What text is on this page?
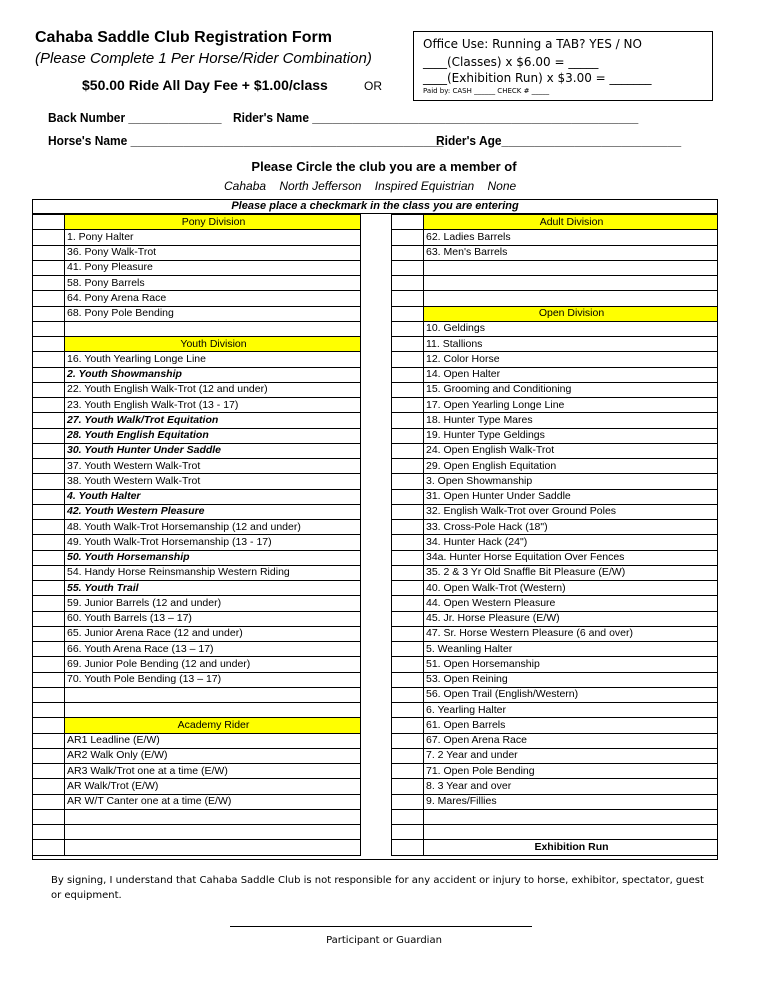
Cahaba Saddle Club Registration Form
(Please Complete 1 Per Horse/Rider Combination)
$50.00 Ride All Day Fee + $1.00/class	OR
Office Use: Running a TAB? YES / NO
____(Classes) x $6.00 = _____
____(Exhibition Run) x $3.00 = _______
Paid by: CASH ______ CHECK # _____
Back Number ______________ Rider's Name _________________________________________________
Horse's Name _______________________________________________
Rider's Age___________________________
Please Circle the club you are a member of
Cahaba North Jefferson Inspired Equistrian None
Please place a checkmark in the class you are entering
	Pony Division
	1. Pony Halter
	36. Pony Walk-Trot
	41. Pony Pleasure
	58. Pony Barrels
	64. Pony Arena Race
	68. Pony Pole Bending

	Youth Division
	16. Youth Yearling Longe Line
	2. Youth Showmanship
	22. Youth English Walk-Trot (12 and under)
	23. Youth English Walk-Trot (13 - 17)
	27. Youth Walk/Trot Equitation
	28. Youth English Equitation
	30. Youth Hunter Under Saddle
	37. Youth Western Walk-Trot
	38. Youth Western Walk-Trot
	4. Youth Halter
	42. Youth Western Pleasure
	48. Youth Walk-Trot Horsemanship (12 and under)
	49. Youth Walk-Trot Horsemanship (13 - 17)
	50. Youth Horsemanship
	54. Handy Horse Reinsmanship Western Riding
	55. Youth Trail
	59. Junior Barrels (12 and under)
	60. Youth Barrels (13 – 17)
	65. Junior Arena Race (12 and under)
	66. Youth Arena Race (13 – 17)
	69. Junior Pole Bending (12 and under)
	70. Youth Pole Bending (13 – 17)

	Academy Rider
	AR1 Leadline (E/W)
	AR2 Walk Only (E/W)
	AR3 Walk/Trot one at a time (E/W)
	AR Walk/Trot (E/W)
	AR W/T Canter one at a time (E/W)

	Adult Division
	62. Ladies Barrels
	63. Men's Barrels

	Open Division
	10. Geldings
	11. Stallions
	12. Color Horse
	14. Open Halter
	15. Grooming and Conditioning
	17. Open Yearling Longe Line
	18. Hunter Type Mares
	19. Hunter Type Geldings
	24. Open English Walk-Trot
	29. Open English Equitation
	3. Open Showmanship
	31. Open Hunter Under Saddle
	32. English Walk-Trot over Ground Poles
	33. Cross-Pole Hack (18")
	34. Hunter Hack (24")
	34a. Hunter Horse Equitation Over Fences
	35. 2 & 3 Yr Old Snaffle Bit Pleasure (E/W)
	40. Open Walk-Trot (Western)
	44. Open Western Pleasure
	45. Jr. Horse Pleasure (E/W)
	47. Sr. Horse Western Pleasure (6 and over)
	5. Weanling Halter
	51. Open Horsemanship
	53. Open Reining
	56. Open Trail (English/Western)
	6. Yearling Halter
	61. Open Barrels
	67. Open Arena Race
	7. 2 Year and under
	71. Open Pole Bending
	8. 3 Year and over
	9. Mares/Fillies

	Exhibition Run
By signing, I understand that Cahaba Saddle Club is not responsible for any accident or injury to horse, exhibitor, spectator, guest or equipment.
Participant or Guardian
